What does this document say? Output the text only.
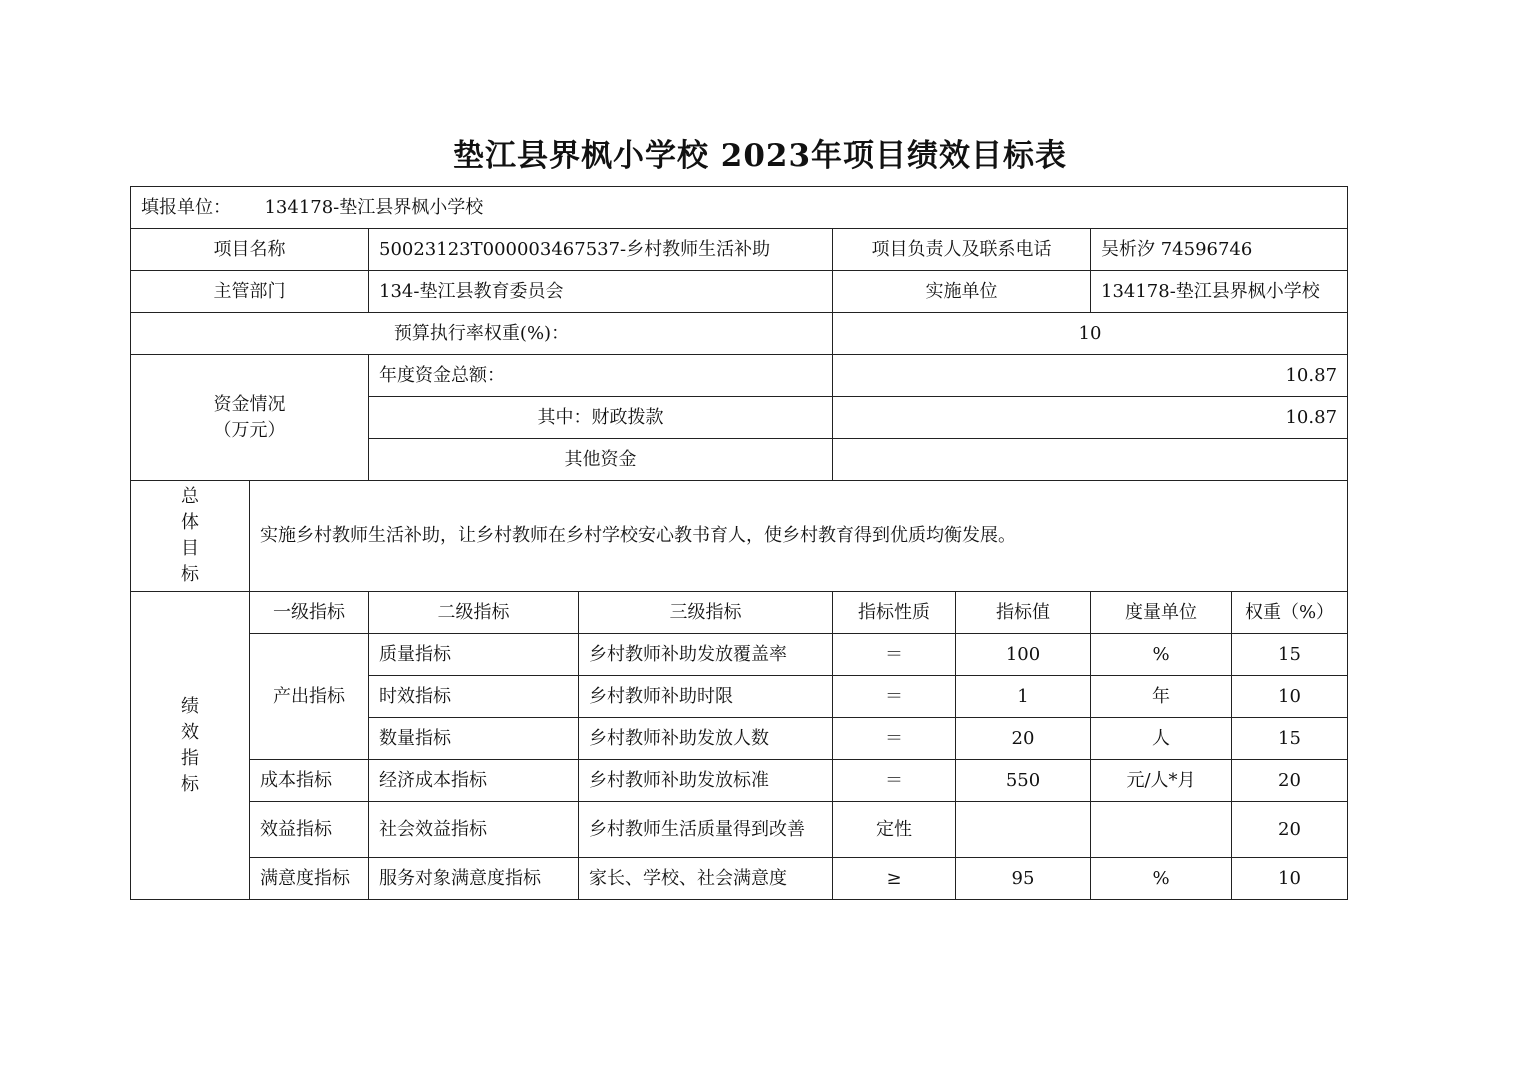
垫江县界枫小学校 2023年项目绩效目标表
填报单位： 134178-垫江县界枫小学校							
项目名称		50023123T000003467537-乡村教师生活补助		项目负责人及联系电话		吴析汐 74596746	
主管部门		134-垫江县教育委员会		实施单位		134178-垫江县界枫小学校	
预算执行率权重(%)：				10			

资金情况
（万元）		年度资金总额：		10.87			
		其中：财政拨款		10.87			
		其他资金					

总
体
目
标	实施乡村教师生活补助，让乡村教师在乡村学校安心教书育人，使乡村教育得到优质均衡发展。						

绩
效
指
标	一级指标	二级指标	三级指标	指标性质	指标值	度量单位	权重（%）
	产出指标	质量指标	乡村教师补助发放覆盖率	＝	100	%	15
		时效指标	乡村教师补助时限	＝	1	年	10
		数量指标	乡村教师补助发放人数	＝	20	人	15
	成本指标	经济成本指标	乡村教师补助发放标准	＝	550	元/人*月	20
	效益指标	社会效益指标	乡村教师生活质量得到改善	定性			20
	满意度指标	服务对象满意度指标	家长、学校、社会满意度	≥	95	%	10
